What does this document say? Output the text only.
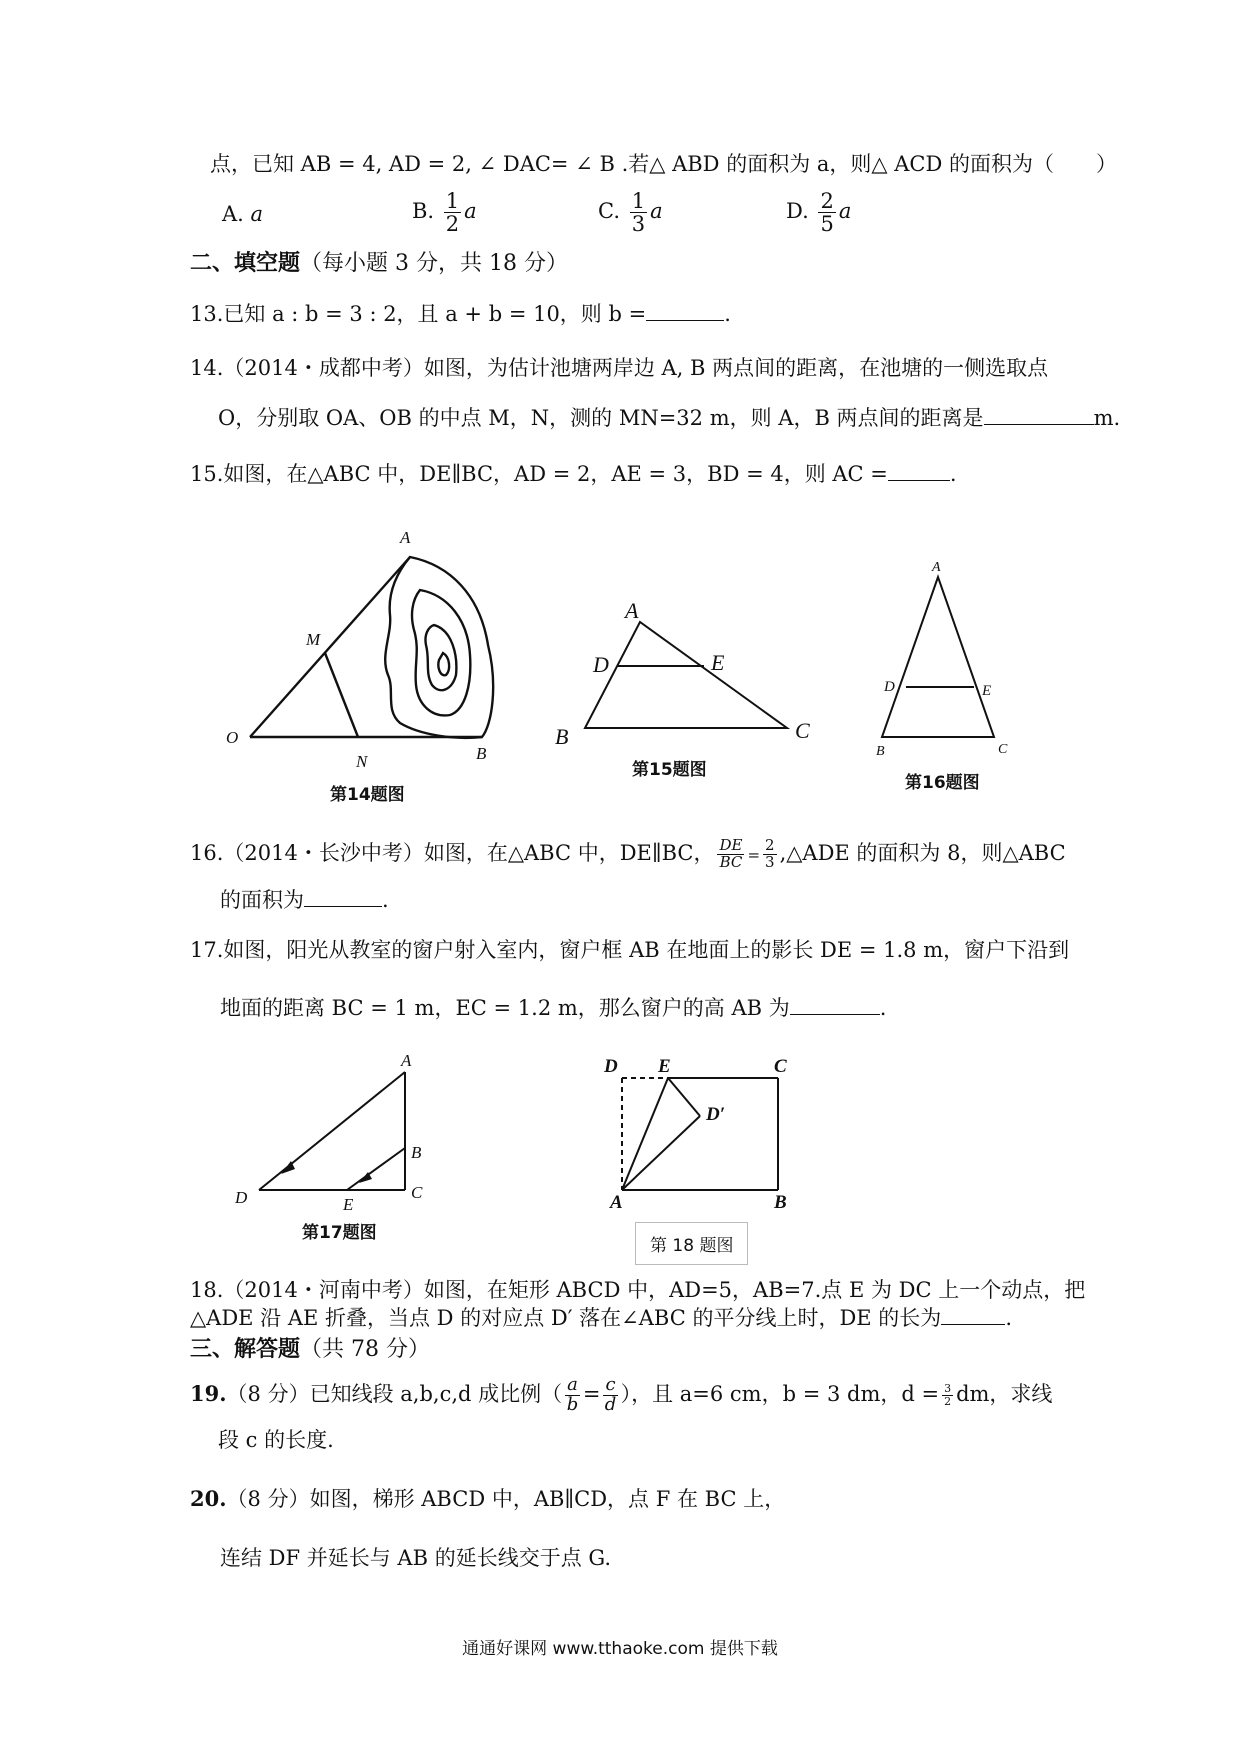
点，已知 AB = 4, AD = 2, ∠ DAC= ∠ B .若△ ABD 的面积为 a，则△ ACD 的面积为（　　）
A. a	B. $\frac{1}{2}$ a	C. $\frac{1}{3}$ a	D. $\frac{2}{5}$ a
二、填空题（每小题 3 分，共 18 分）
13.已知 a : b = 3 : 2，且 a + b = 10，则 b =	.
14.（2014・成都中考）如图，为估计池塘两岸边 A, B 两点间的距离，在池塘的一侧选取点
O，分别取 OA、OB 的中点 M，N，测的 MN=32 m，则 A，B 两点间的距离是	m.
15.如图，在△ABC 中，DE∥BC，AD = 2，AE = 3，BD = 4，则 AC =	.
A
M
O
N	B
第14题图
A
D	E
B	C
第15题图
A
D	E
B	C
第16题图
16.（2014・长沙中考）如图，在△ABC 中，DE∥BC， $\frac{DE}{BC} = \frac{2}{3}$ ,△ADE 的面积为 8，则△ABC
的面积为	.
17.如图，阳光从教室的窗户射入室内，窗户框 AB 在地面上的影长 DE = 1.8 m，窗户下沿到
地面的距离 BC = 1 m，EC = 1.2 m，那么窗户的高 AB 为	.
A
B
C
D	E
第17题图
D E	C
D′
A	B
第 18 题图
18.（2014・河南中考）如图，在矩形 ABCD 中，AD=5，AB=7.点 E 为 DC 上一个动点，把
△ADE 沿 AE 折叠，当点 D 的对应点 D′ 落在∠ABC 的平分线上时，DE 的长为	.
三、解答题（共 78 分）
19.（8 分）已知线段 a,b,c,d 成比例（ $\frac{a}{b} = \frac{c}{d}$ ），且 a=6 cm，b = 3 dm，$d = \frac{3}{2}$ dm，求线
段 c 的长度.
20.（8 分）如图，梯形 ABCD 中，AB∥CD，点 F 在 BC 上，
连结 DF 并延长与 AB 的延长线交于点 G.
通通好课网 www.tthaoke.com 提供下载
